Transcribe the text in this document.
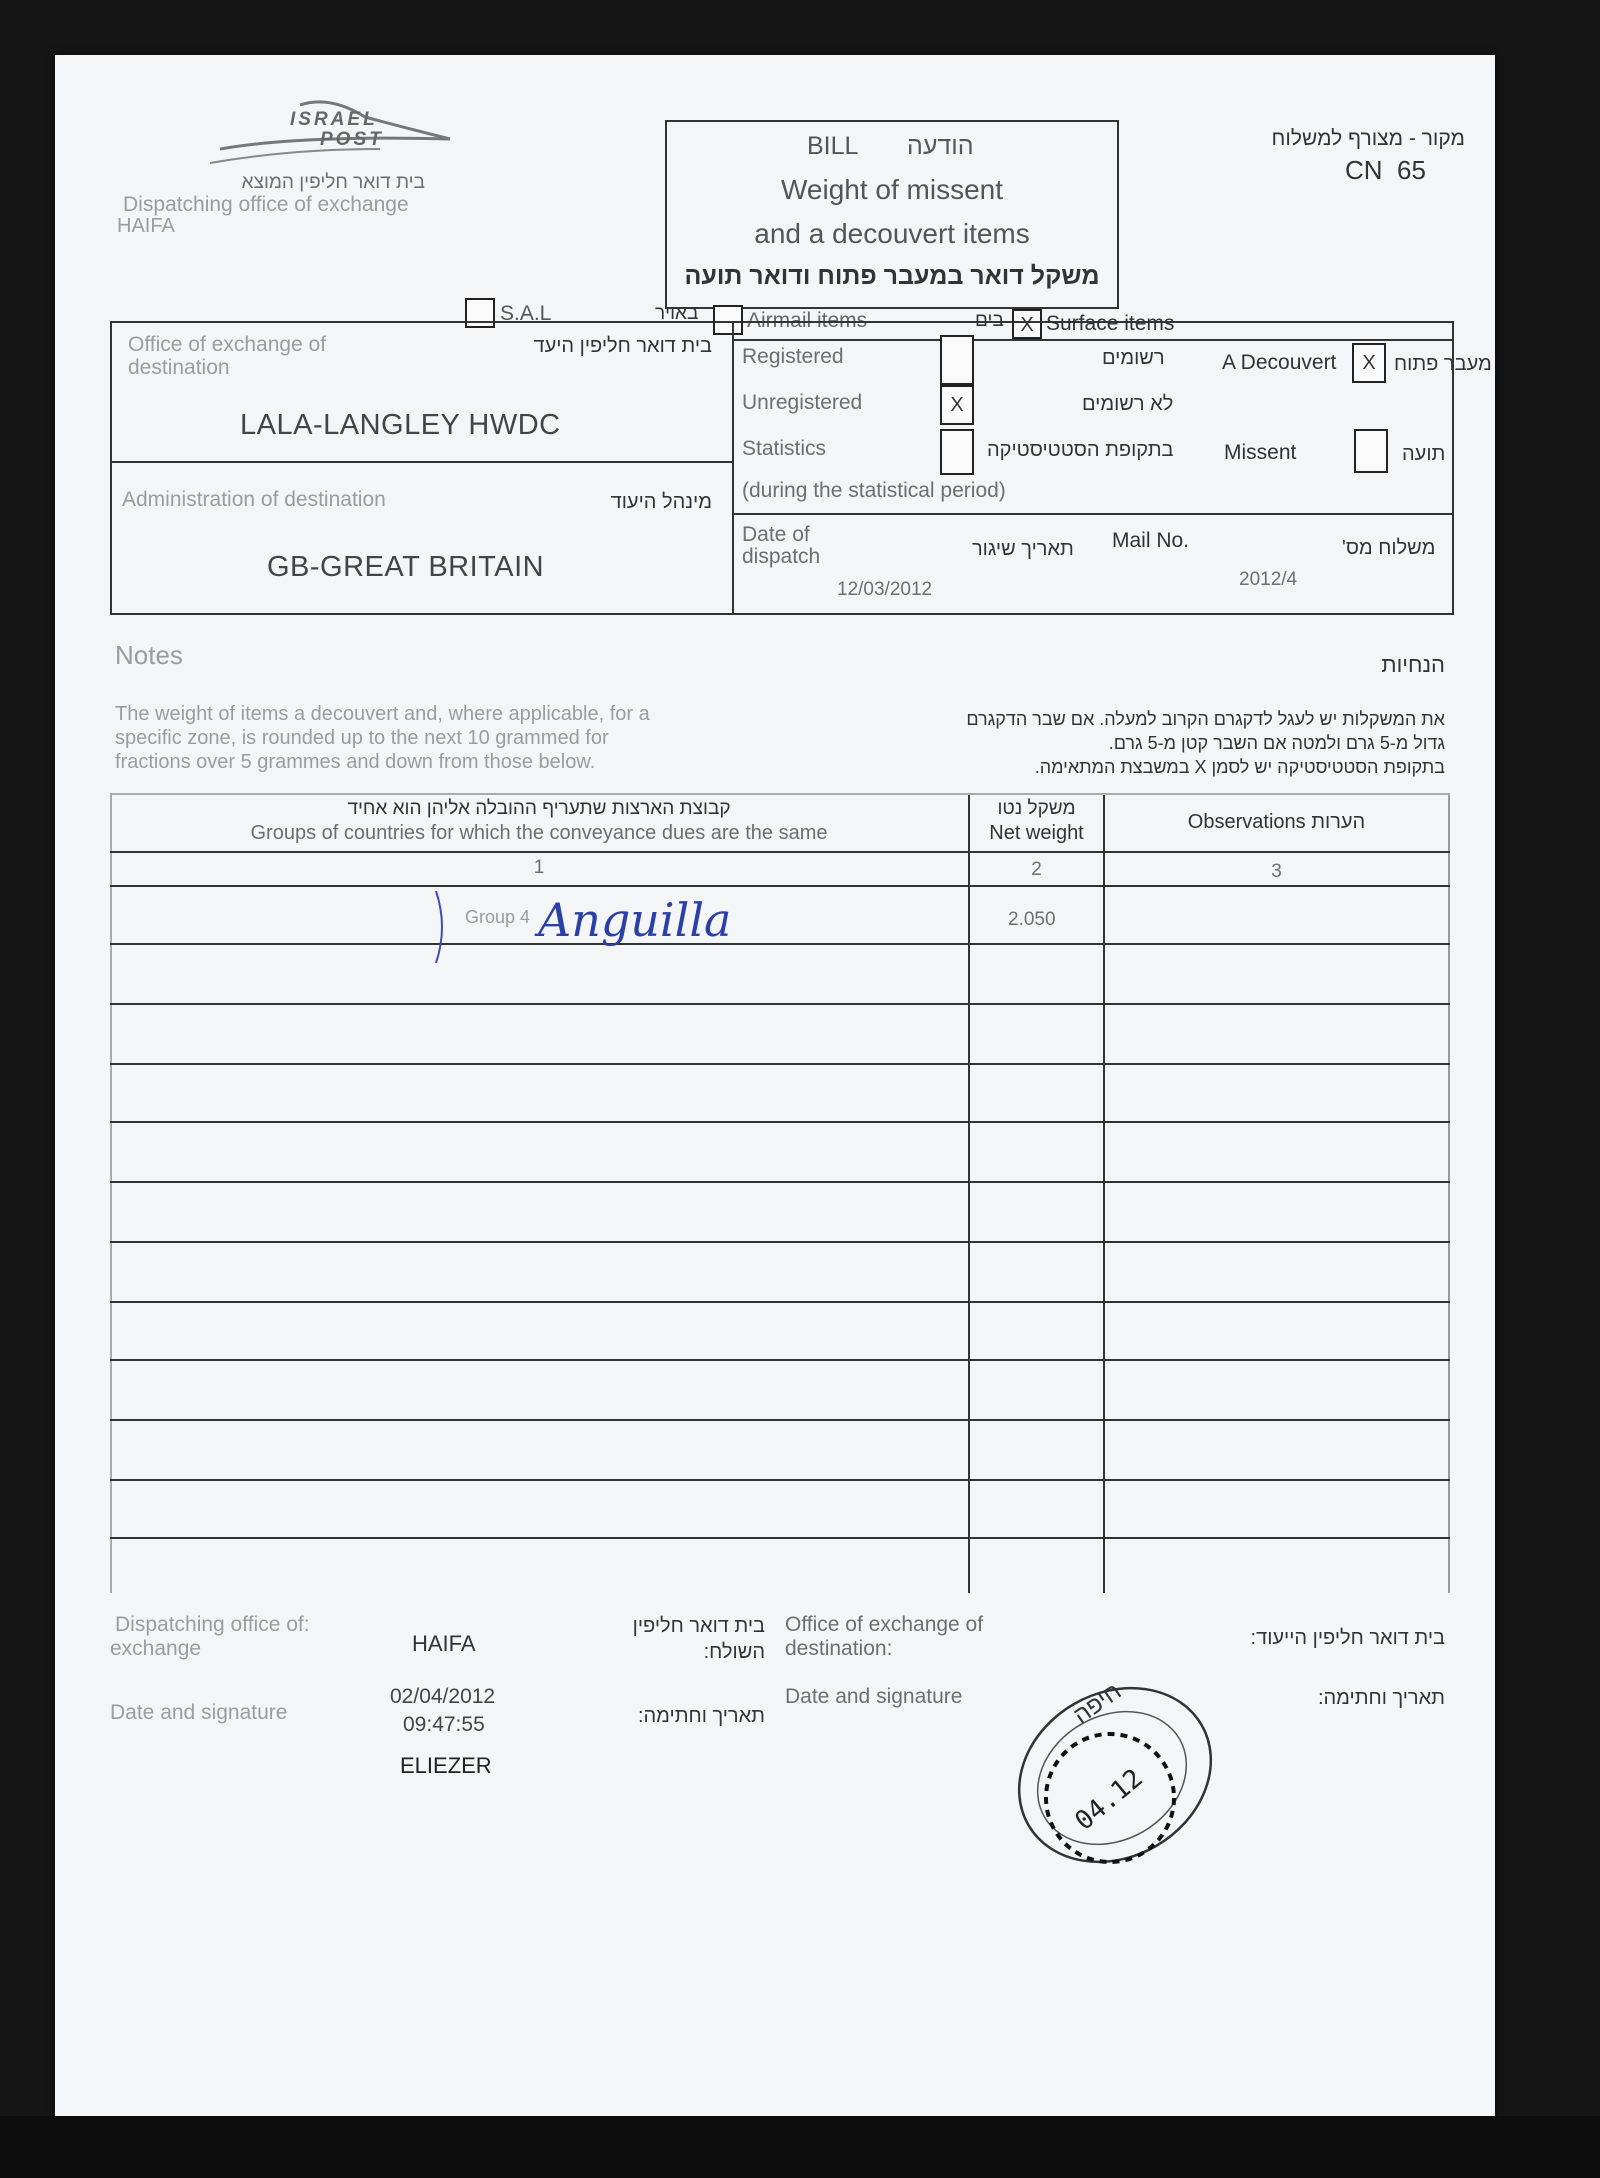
ISRAEL
POST
בית דואר חליפין המוצא
Dispatching office of exchange
HAIFA
BILL הודעה
Weight of missent
and a decouvert items
משקל דואר במעבר פתוח ודואר תועה
מקור - מצורף למשלוח
CN  65
S.A.L	באויר Airmail items	בים X Surface items
Office of exchange of destination
בית דואר חליפין היעד
LALA-LANGLEY HWDC
Administration of destination	מינהל היעוד
GB-GREAT BRITAIN
Registered	רשומים
Unregistered	X	לא רשומים
Statistics	בתקופת הסטטיסטיקה
(during the statistical period)
A Decouvert	X מעבר פתוח
Missent	תועה
Date of
dispatch	תאריך שיגור
12/03/2012
Mail No.	משלוח מס'
2012/4
Notes	הנחיות
The weight of items a decouvert and, where applicable, for a
specific zone, is rounded up to the next 10 grammed for
fractions over 5 grammes and down from those below.
את המשקלות יש לעגל לדקגרם הקרוב למעלה. אם שבר הדקגרם
גדול מ-5 גרם ולמטה אם השבר קטן מ-5 גרם.
בתקופת הסטטיסטיקה יש לסמן X במשבצת המתאימה.
קבוצת הארצות שתעריף ההובלה אליהן הוא אחיד
Groups of countries for which the conveyance dues are the same
משקל נטו
Net weight	Observations הערות
1	2	3
Group 4 Anguilla	2.050
Dispatching office of:
exchange	HAIFA
בית דואר חליפין
השולח:
Date and signature
02/04/2012
09:47:55
ELIEZER
תאריך וחתימה:
Office of exchange of
destination:	בית דואר חליפין הייעוד:
Date and signature	תאריך וחתימה:
חיפה
04.12
